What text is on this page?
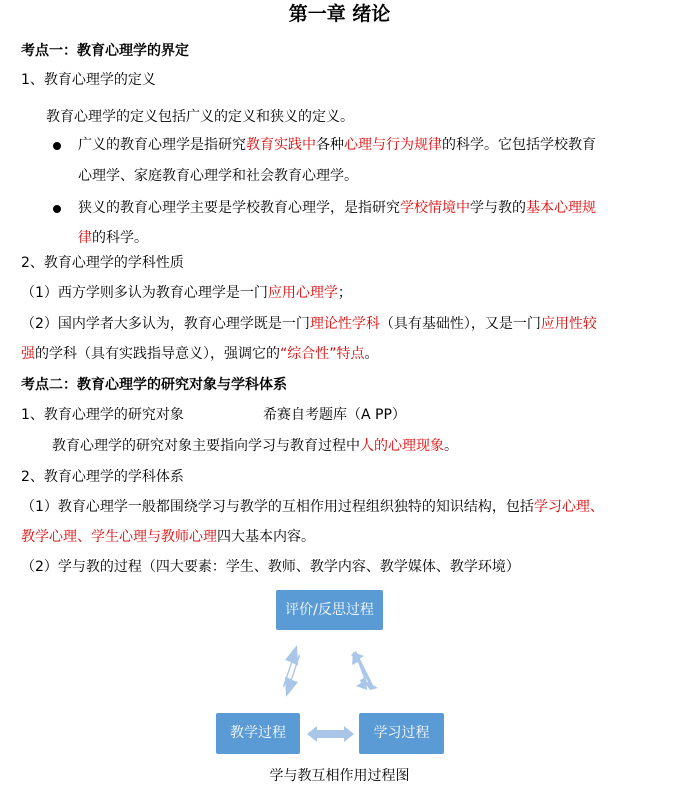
第一章 绪论
考点一：教育心理学的界定
1、教育心理学的定义
教育心理学的定义包括广义的定义和狭义的定义。
广义的教育心理学是指研究教育实践中各种心理与行为规律的科学。它包括学校教育
心理学、家庭教育心理学和社会教育心理学。
狭义的教育心理学主要是学校教育心理学，是指研究学校情境中学与教的基本心理规
律的科学。
2、教育心理学的学科性质
（1）西方学则多认为教育心理学是一门应用心理学；
（2）国内学者大多认为，教育心理学既是一门理论性学科（具有基础性），又是一门应用性较
强的学科（具有实践指导意义），强调它的“综合性”特点。
考点二：教育心理学的研究对象与学科体系
1、教育心理学的研究对象	希赛自考题库（A PP）
教育心理学的研究对象主要指向学习与教育过程中人的心理现象。
2、教育心理学的学科体系
（1）教育心理学一般都围绕学习与教学的互相作用过程组织独特的知识结构，包括学习心理、
教学心理、学生心理与教师心理四大基本内容。
（2）学与教的过程（四大要素：学生、教师、教学内容、教学媒体、教学环境）
评价/反思过程
教学过程	学习过程
学与教互相作用过程图
